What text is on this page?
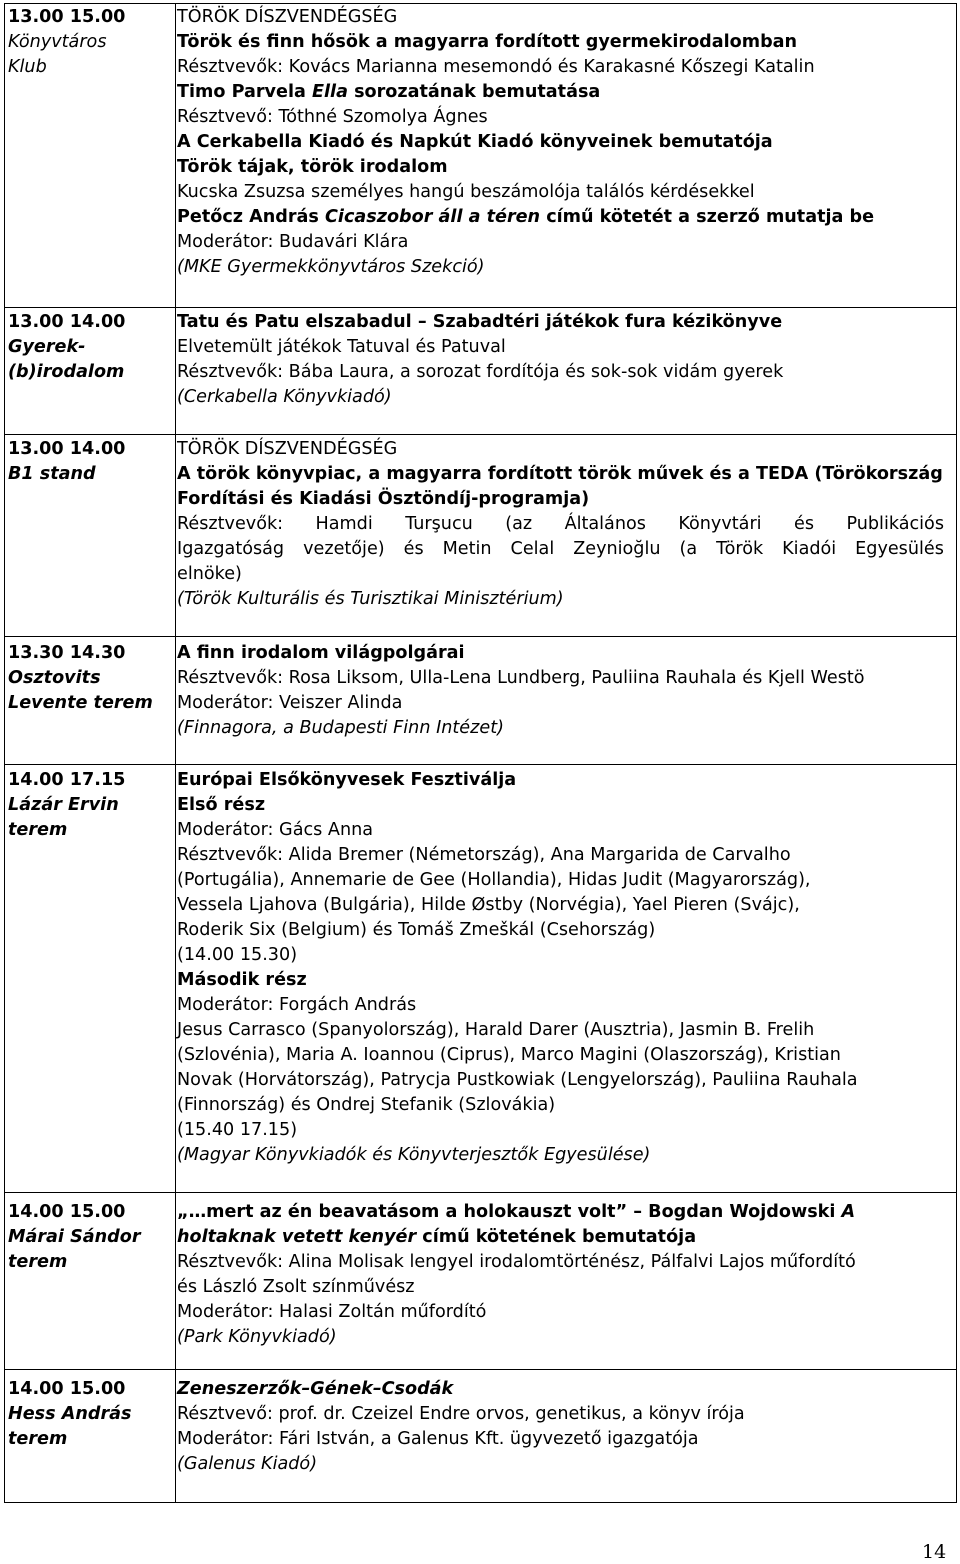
13.00 15.00
Könyvtáros
Klub
13.00 14.00
Gyerek-
(b)irodalom
13.00 14.00
B1 stand
13.30 14.30
Osztovits
Levente terem
14.00 17.15
Lázár Ervin
terem
14.00 15.00
Márai Sándor
terem
14.00 15.00
Hess András
terem
TÖRÖK DÍSZVENDÉGSÉG
Török és finn hősök a magyarra fordított gyermekirodalomban
Résztvevők: Kovács Marianna mesemondó és Karakasné Kőszegi Katalin
Timo Parvela Ella sorozatának bemutatása
Résztvevő: Tóthné Szomolya Ágnes
A Cerkabella Kiadó és Napkút Kiadó könyveinek bemutatója
Török tájak, török irodalom
Kucska Zsuzsa személyes hangú beszámolója találós kérdésekkel
Petőcz András Cicaszobor áll a téren című kötetét a szerző mutatja be
Moderátor: Budavári Klára
(MKE Gyermekkönyvtáros Szekció)
Tatu és Patu elszabadul – Szabadtéri játékok fura kézikönyve
Elvetemült játékok Tatuval és Patuval
Résztvevők: Bába Laura, a sorozat fordítója és sok-sok vidám gyerek
(Cerkabella Könyvkiadó)
TÖRÖK DÍSZVENDÉGSÉG
A török könyvpiac, a magyarra fordított török művek és a TEDA (Törökország
Fordítási és Kiadási Ösztöndíj-programja)
Résztvevők: Hamdi Turşucu (az Általános Könyvtári és Publikációs
Igazgatóság vezetője) és Metin Celal Zeynioğlu (a Török Kiadói Egyesülés
elnöke)
(Török Kulturális és Turisztikai Minisztérium)
A finn irodalom világpolgárai
Résztvevők: Rosa Liksom, Ulla-Lena Lundberg, Pauliina Rauhala és Kjell Westö
Moderátor: Veiszer Alinda
(Finnagora, a Budapesti Finn Intézet)
Európai Elsőkönyvesek Fesztiválja
Első rész
Moderátor: Gács Anna
Résztvevők: Alida Bremer (Németország), Ana Margarida de Carvalho
(Portugália), Annemarie de Gee (Hollandia), Hidas Judit (Magyarország),
Vessela Ljahova (Bulgária), Hilde Østby (Norvégia), Yael Pieren (Svájc),
Roderik Six (Belgium) és Tomáš Zmeškál (Csehország)
(14.00 15.30)
Második rész
Moderátor: Forgách András
Jesus Carrasco (Spanyolország), Harald Darer (Ausztria), Jasmin B. Frelih
(Szlovénia), Maria A. Ioannou (Ciprus), Marco Magini (Olaszország), Kristian
Novak (Horvátország), Patrycja Pustkowiak (Lengyelország), Pauliina Rauhala
(Finnország) és Ondrej Stefanik (Szlovákia)
(15.40 17.15)
(Magyar Könyvkiadók és Könyvterjesztők Egyesülése)
„…mert az én beavatásom a holokauszt volt” – Bogdan Wojdowski A
holtaknak vetett kenyér című kötetének bemutatója
Résztvevők: Alina Molisak lengyel irodalomtörténész, Pálfalvi Lajos műfordító
és László Zsolt színművész
Moderátor: Halasi Zoltán műfordító
(Park Könyvkiadó)
Zeneszerzők–Gének–Csodák
Résztvevő: prof. dr. Czeizel Endre orvos, genetikus, a könyv írója
Moderátor: Fári István, a Galenus Kft. ügyvezető igazgatója
(Galenus Kiadó)
14
